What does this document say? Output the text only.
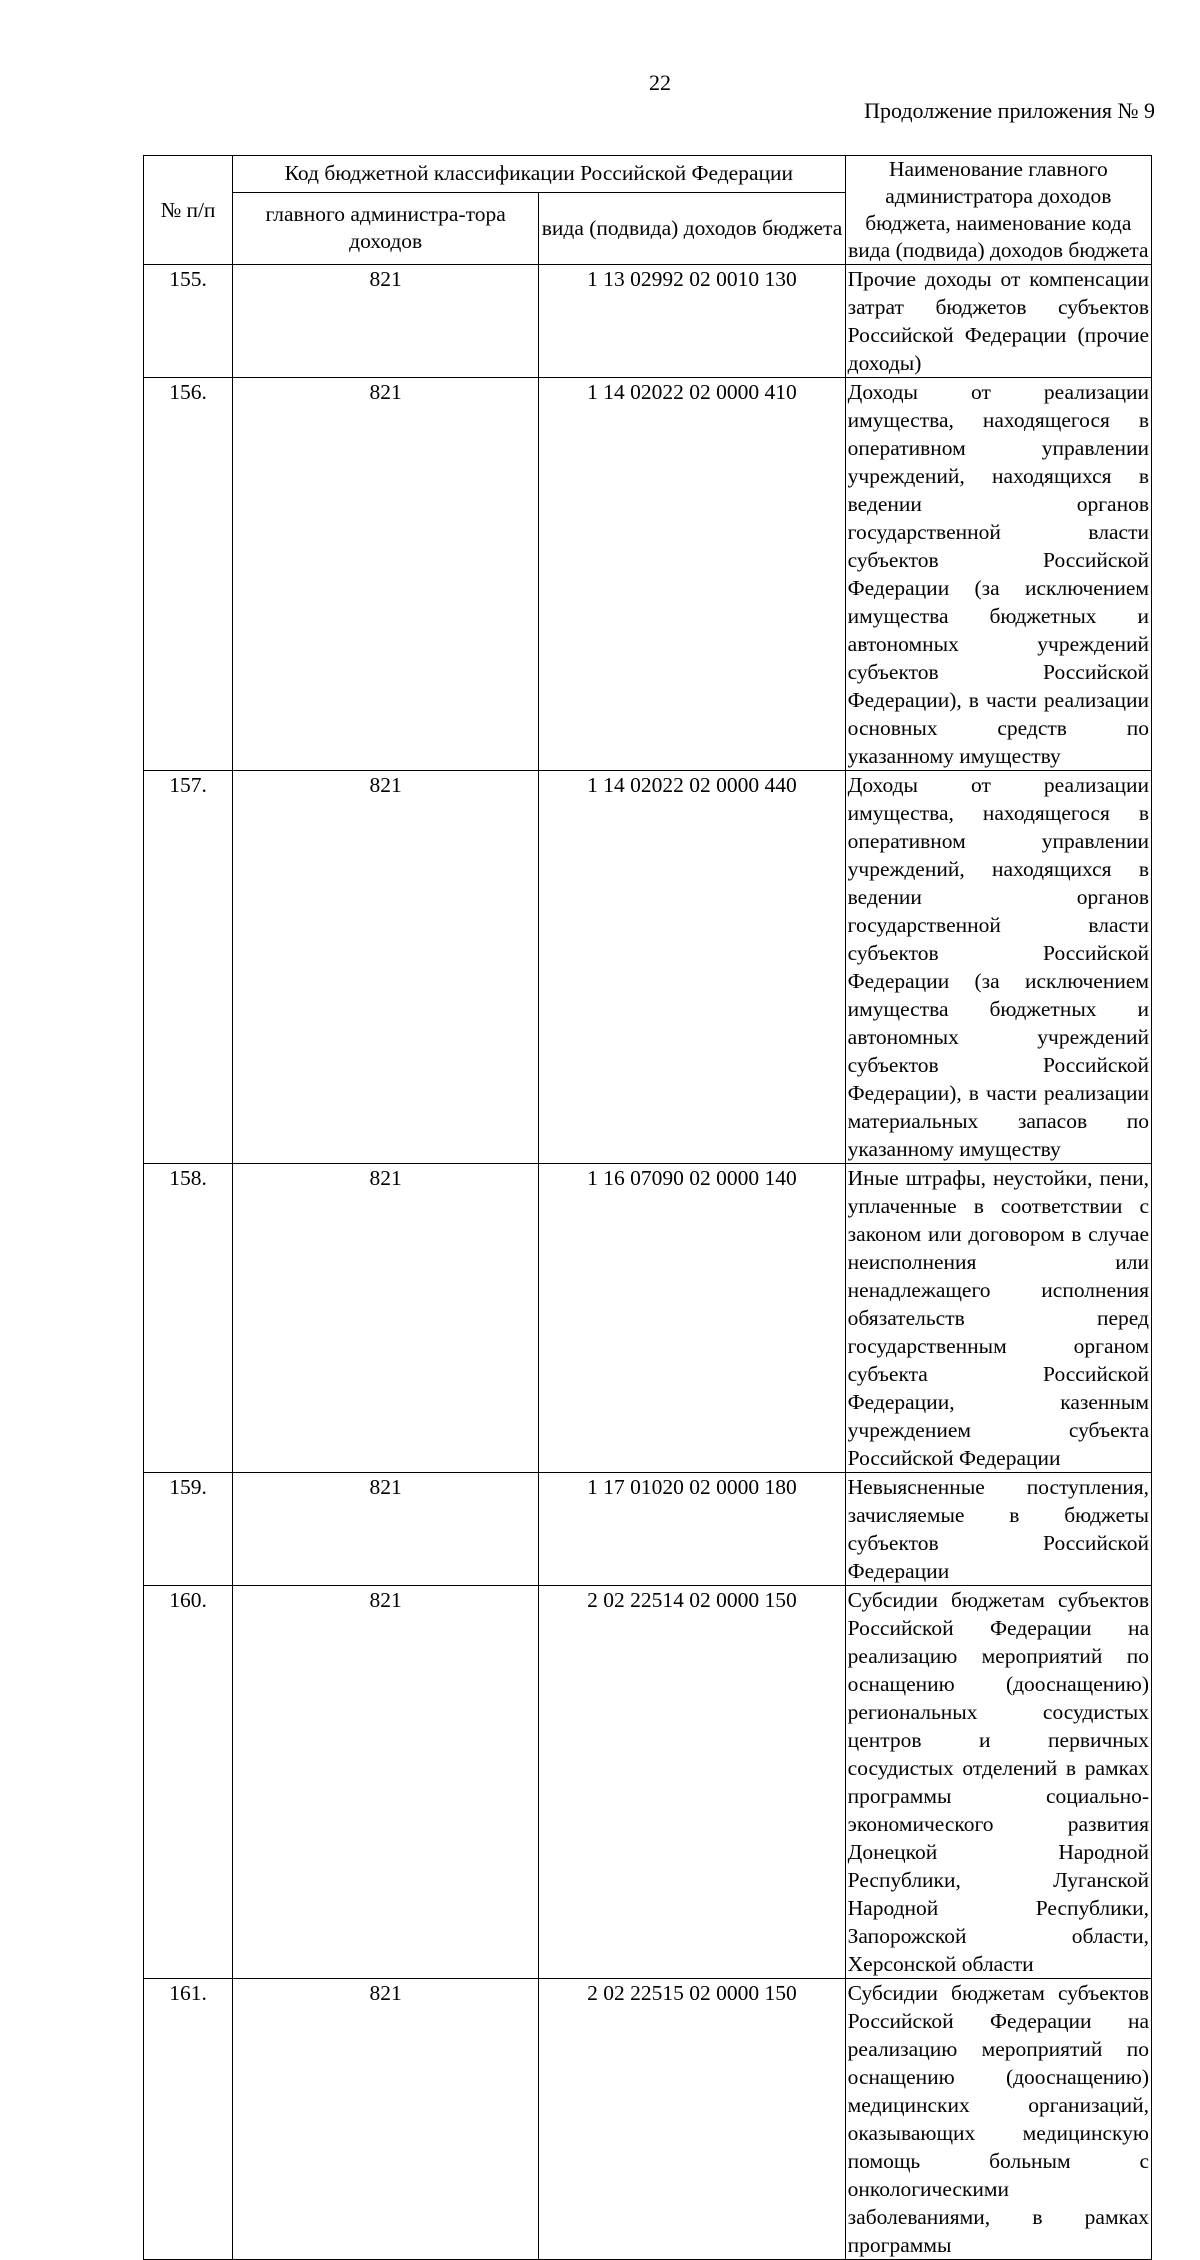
22
Продолжение приложения № 9
№ п/п	Код бюджетной классификации Российской Федерации		Наименование главного администратора доходов бюджета, наименование кода вида (подвида) доходов бюджета
	главного администра-тора доходов	вида (подвида) доходов бюджета	
155.	821	1 13 02992 02 0010 130	Прочие доходы от компенсации затрат бюджетов субъектов Российской Федерации (прочие доходы)
156.	821	1 14 02022 02 0000 410	Доходы от реализации имущества, находящегося в оперативном управлении учреждений, находящихся в ведении органов государственной власти субъектов Российской Федерации (за исключением имущества бюджетных и автономных учреждений субъектов Российской Федерации), в части реализации основных средств по указанному имуществу
157.	821	1 14 02022 02 0000 440	Доходы от реализации имущества, находящегося в оперативном управлении учреждений, находящихся в ведении органов государственной власти субъектов Российской Федерации (за исключением имущества бюджетных и автономных учреждений субъектов Российской Федерации), в части реализации материальных запасов по указанному имуществу
158.	821	1 16 07090 02 0000 140	Иные штрафы, неустойки, пени, уплаченные в соответствии с законом или договором в случае неисполнения или ненадлежащего исполнения обязательств перед государственным органом субъекта Российской Федерации, казенным учреждением субъекта Российской Федерации
159.	821	1 17 01020 02 0000 180	Невыясненные поступления, зачисляемые в бюджеты субъектов Российской Федерации
160.	821	2 02 22514 02 0000 150	Субсидии бюджетам субъектов Российской Федерации на реализацию мероприятий по оснащению (дооснащению) региональных сосудистых центров и первичных сосудистых отделений в рамках программы социально-экономического развития Донецкой Народной Республики, Луганской Народной Республики, Запорожской области, Херсонской области
161.	821	2 02 22515 02 0000 150	Субсидии бюджетам субъектов Российской Федерации на реализацию мероприятий по оснащению (дооснащению) медицинских организаций, оказывающих медицинскую помощь больным с онкологическими заболеваниями, в рамках программы
